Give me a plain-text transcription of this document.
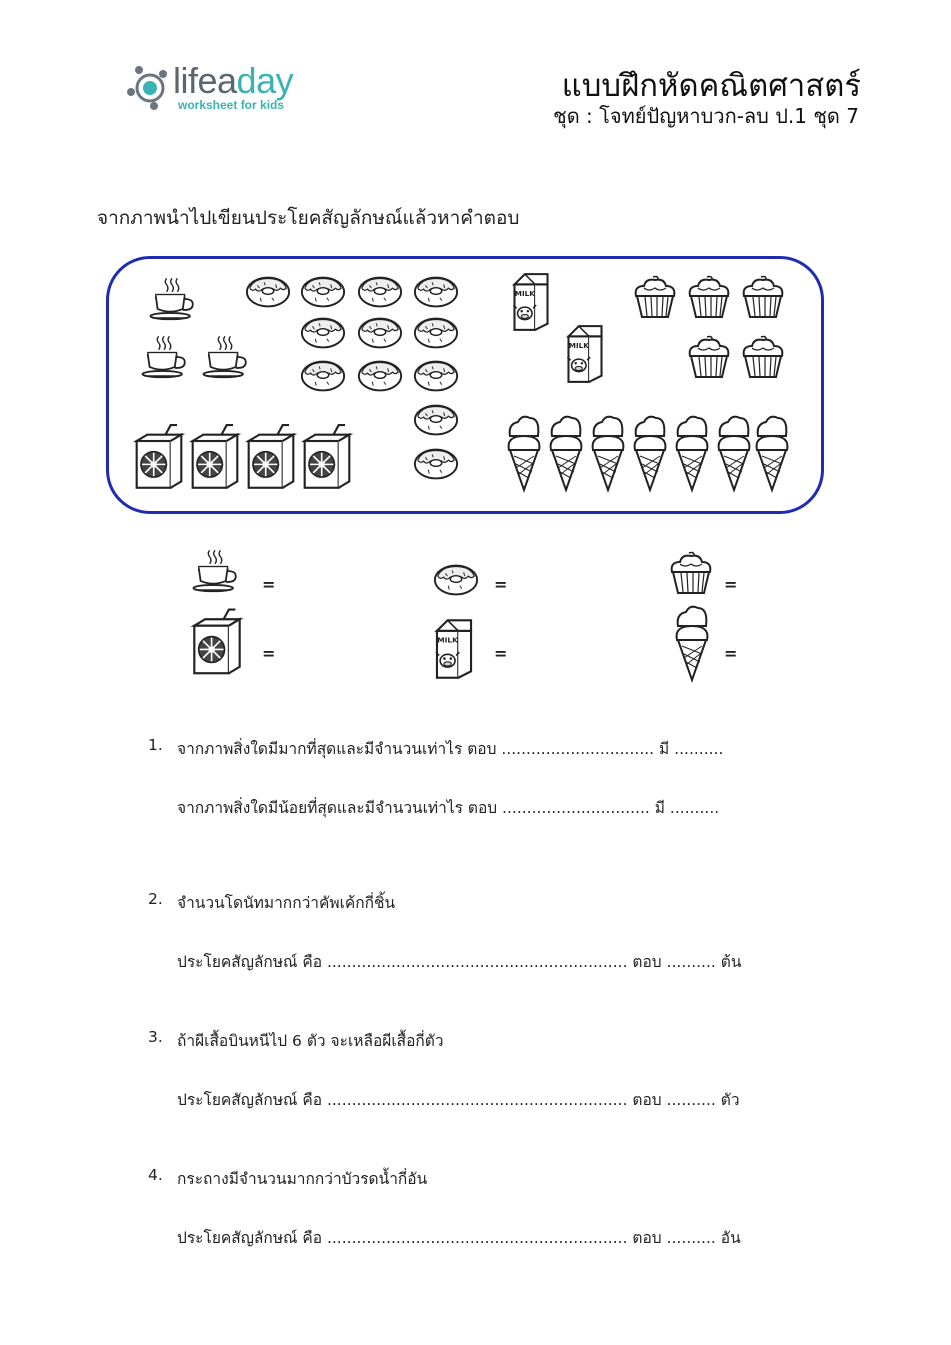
lifeaday
worksheet for kids
แบบฝึกหัดคณิตศาสตร์
ชุด : โจทย์ปัญหาบวก-ลบ ป.1 ชุด 7
จากภาพนำไปเขียนประโยคสัญลักษณ์แล้วหาคำตอบ
=	=	=
=	=	=
1. จากภาพสิ่งใดมีมากที่สุดและมีจำนวนเท่าไร ตอบ ............................... มี ..........
จากภาพสิ่งใดมีน้อยที่สุดและมีจำนวนเท่าไร ตอบ .............................. มี ..........
2. จำนวนโดนัทมากกว่าคัพเค้กกี่ชิ้น
ประโยคสัญลักษณ์ คือ ............................................................. ตอบ .......... ต้น
3. ถ้าผีเสื้อบินหนีไป 6 ตัว จะเหลือผีเสื้อกี่ตัว
ประโยคสัญลักษณ์ คือ ............................................................. ตอบ .......... ตัว
4. กระถางมีจำนวนมากกว่าบัวรดน้ำกี่อัน
ประโยคสัญลักษณ์ คือ ............................................................. ตอบ .......... อัน
